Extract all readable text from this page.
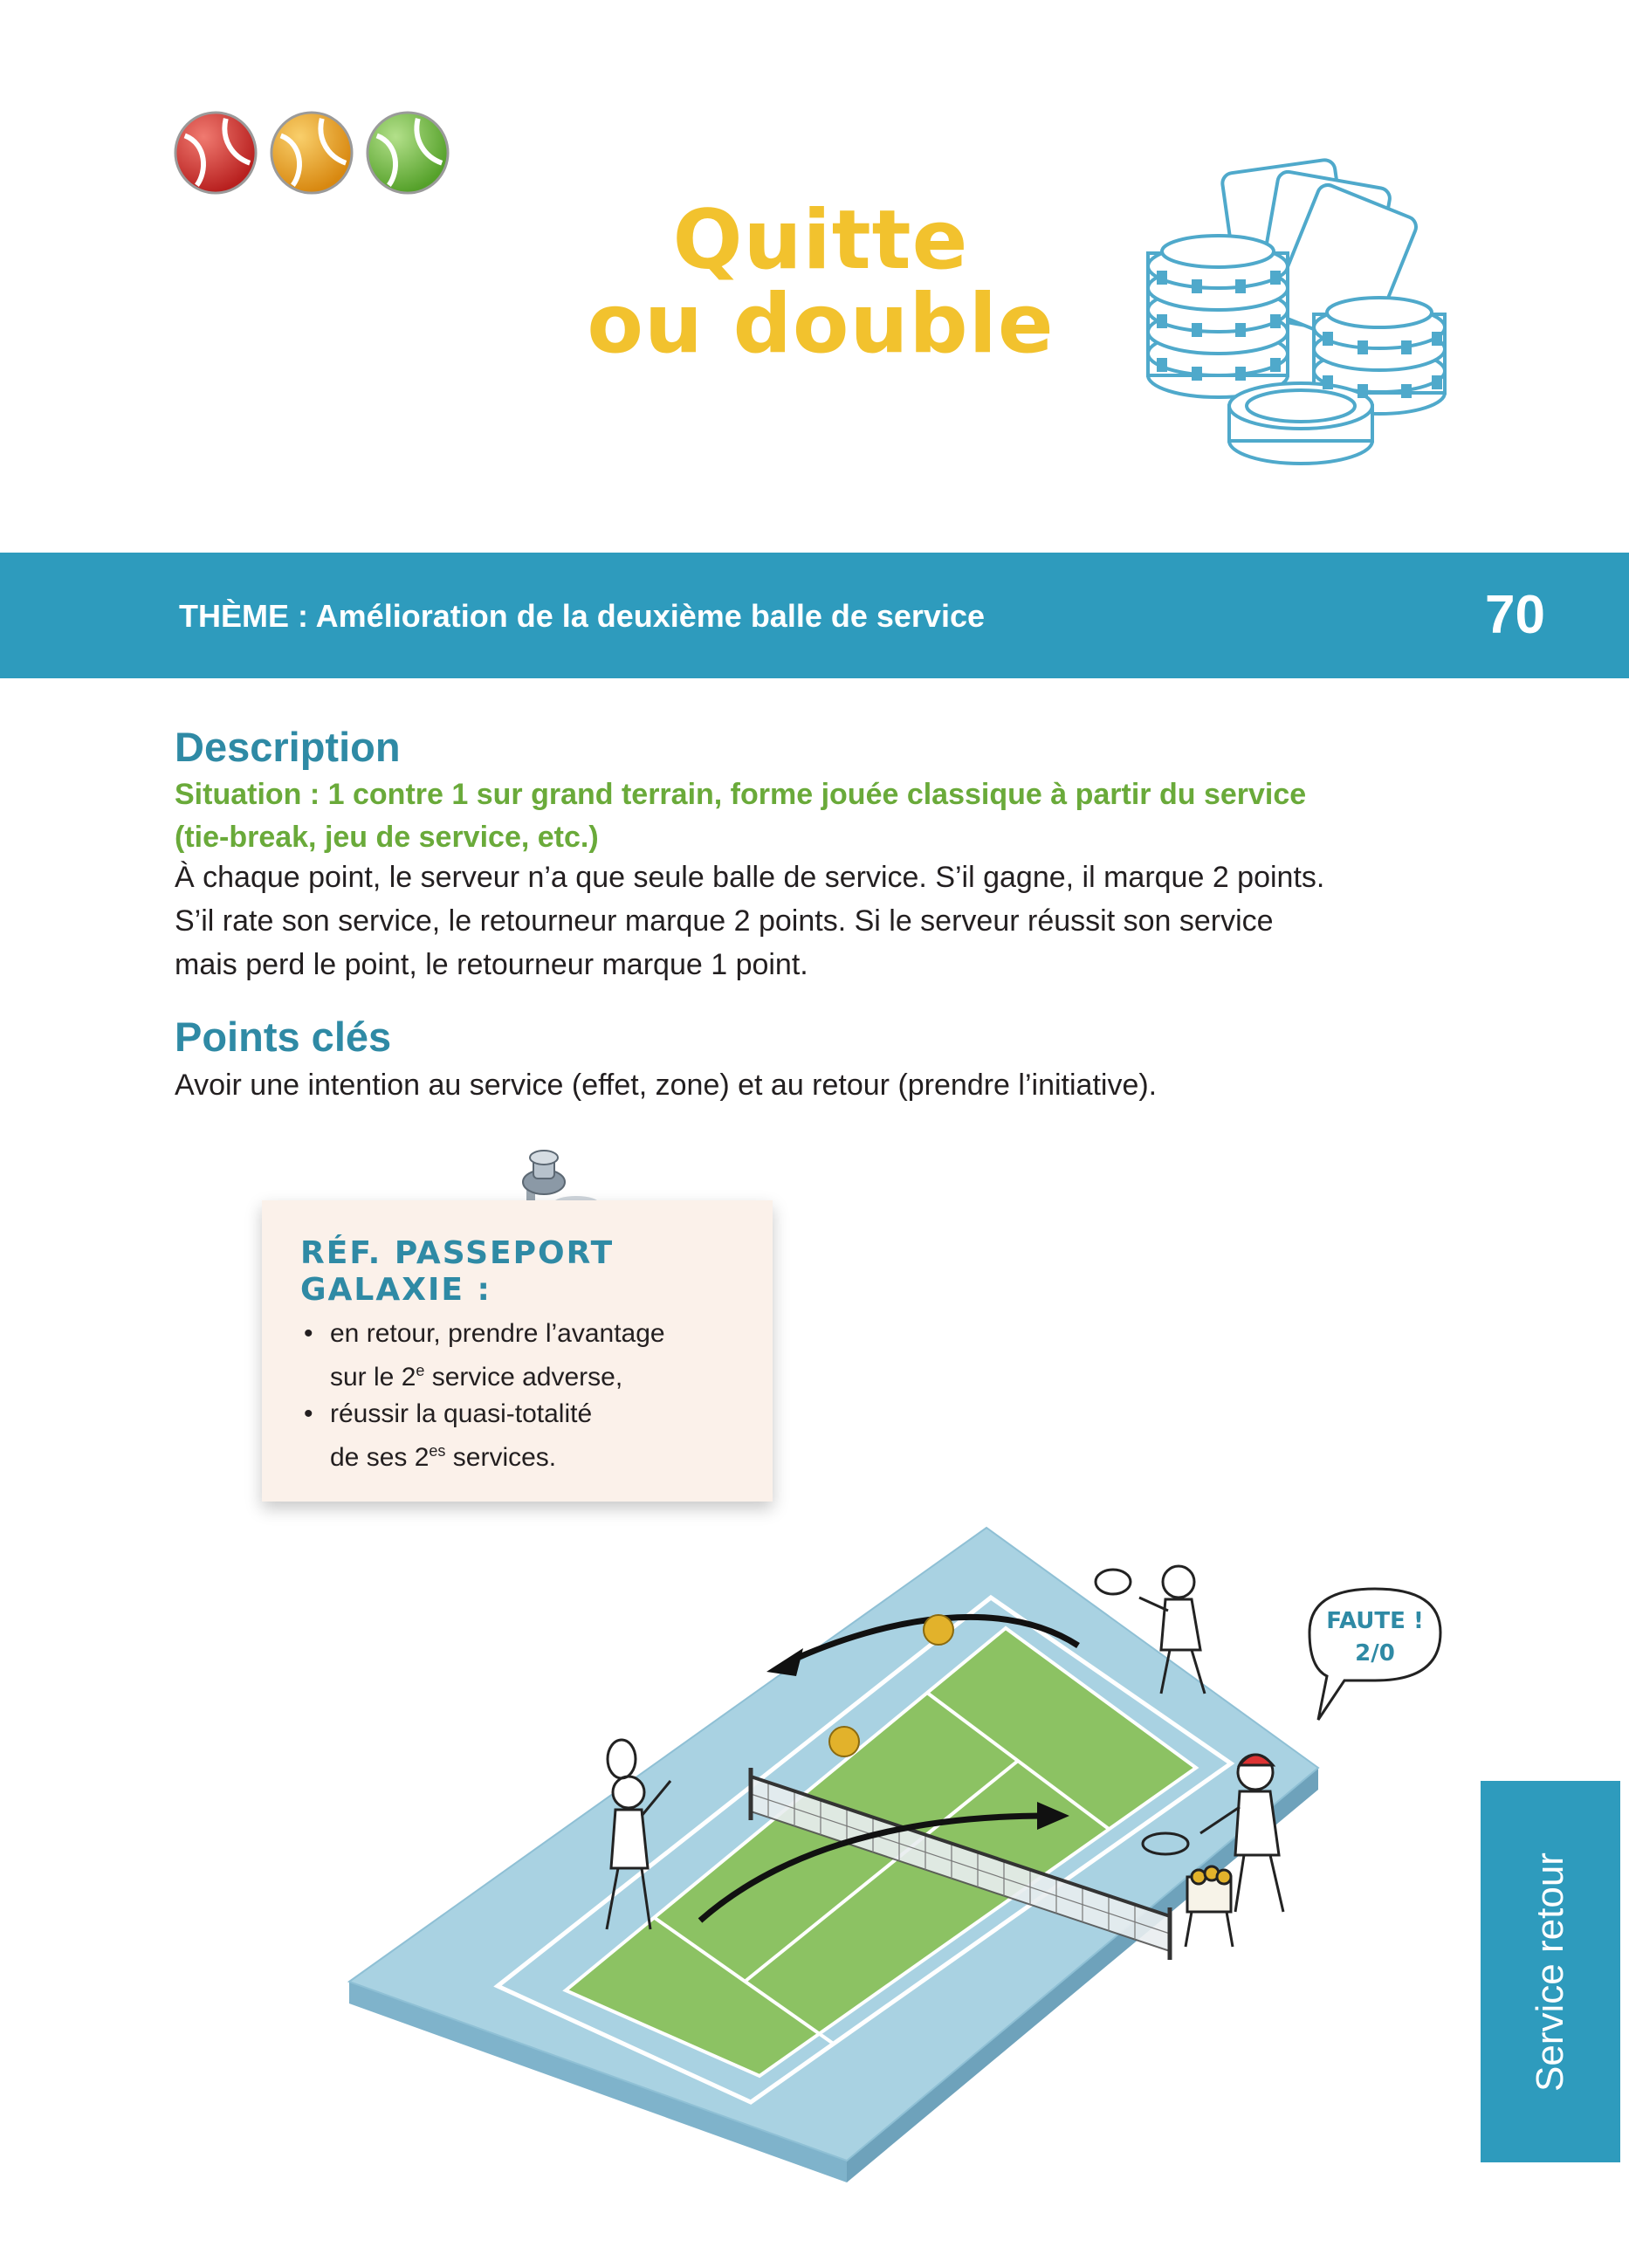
Quitte
ou double
THÈME : Amélioration de la deuxième balle de service	70
Description
Situation : 1 contre 1 sur grand terrain, forme jouée classique à partir du service
(tie-break, jeu de service, etc.)
À chaque point, le serveur n’a que seule balle de service. S’il gagne, il marque 2 points.
S’il rate son service, le retourneur marque 2 points. Si le serveur réussit son service
mais perd le point, le retourneur marque 1 point.
Points clés
Avoir une intention au service (effet, zone) et au retour (prendre l’initiative).
RÉF. PASSEPORT
GALAXIE :
• en retour, prendre l’avantage
sur le 2e service adverse,
• réussir la quasi-totalité
de ses $2^{es}$ services.
FAUTE !
2/0
Service retour
